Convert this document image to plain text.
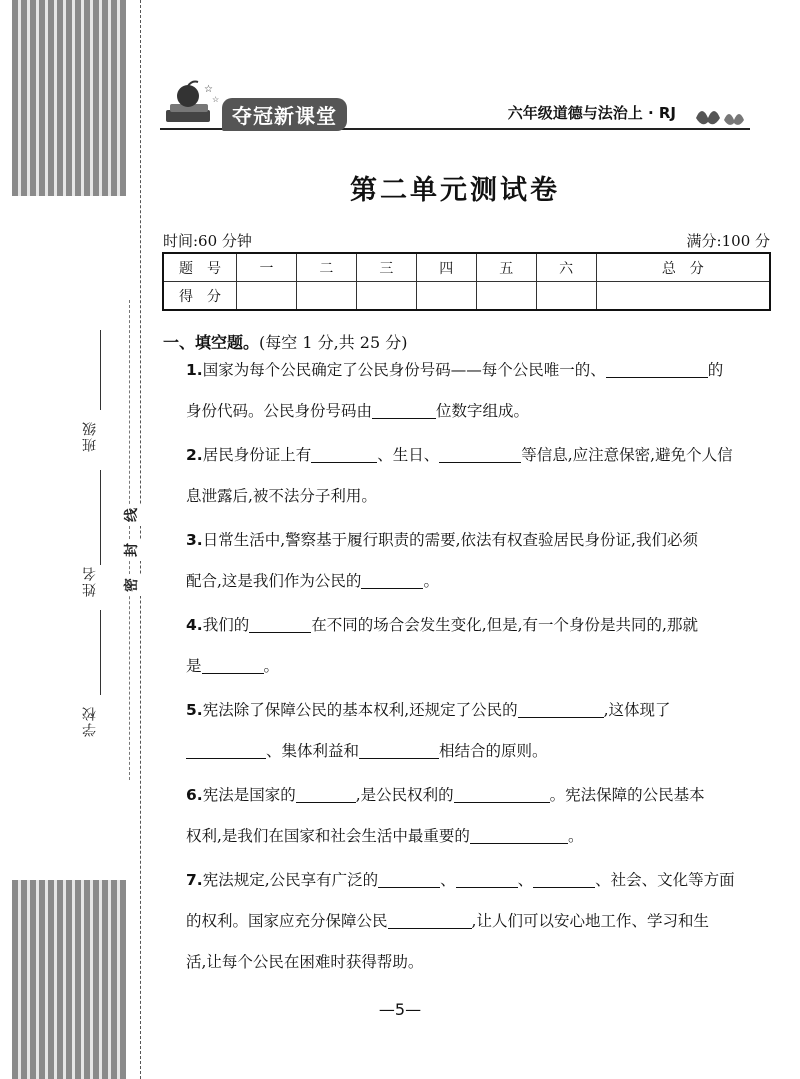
班级
姓名
学校
线
封
密
☆
☆
夺冠新课堂	六年级道德与法治上 · RJ
第二单元测试卷
时间:60 分钟	满分:100 分
题　号	一	二	三	四	五	六	总　分
得　分							
一、填空题。(每空 1 分,共 25 分)
1.国家为每个公民确定了公民身份号码——每个公民唯一的、	的
身份代码。公民身份号码由	位数字组成。
2.居民身份证上有	、生日、	等信息,应注意保密,避免个人信
息泄露后,被不法分子利用。
3.日常生活中,警察基于履行职责的需要,依法有权查验居民身份证,我们必须
配合,这是我们作为公民的	。
4.我们的	在不同的场合会发生变化,但是,有一个身份是共同的,那就
是	。
5.宪法除了保障公民的基本权利,还规定了公民的	,这体现了
、集体利益和	相结合的原则。
6.宪法是国家的	,是公民权利的	。宪法保障的公民基本
权利,是我们在国家和社会生活中最重要的	。
7.宪法规定,公民享有广泛的	、	、	、社会、文化等方面
的权利。国家应充分保障公民	,让人们可以安心地工作、学习和生
活,让每个公民在困难时获得帮助。
—5—
